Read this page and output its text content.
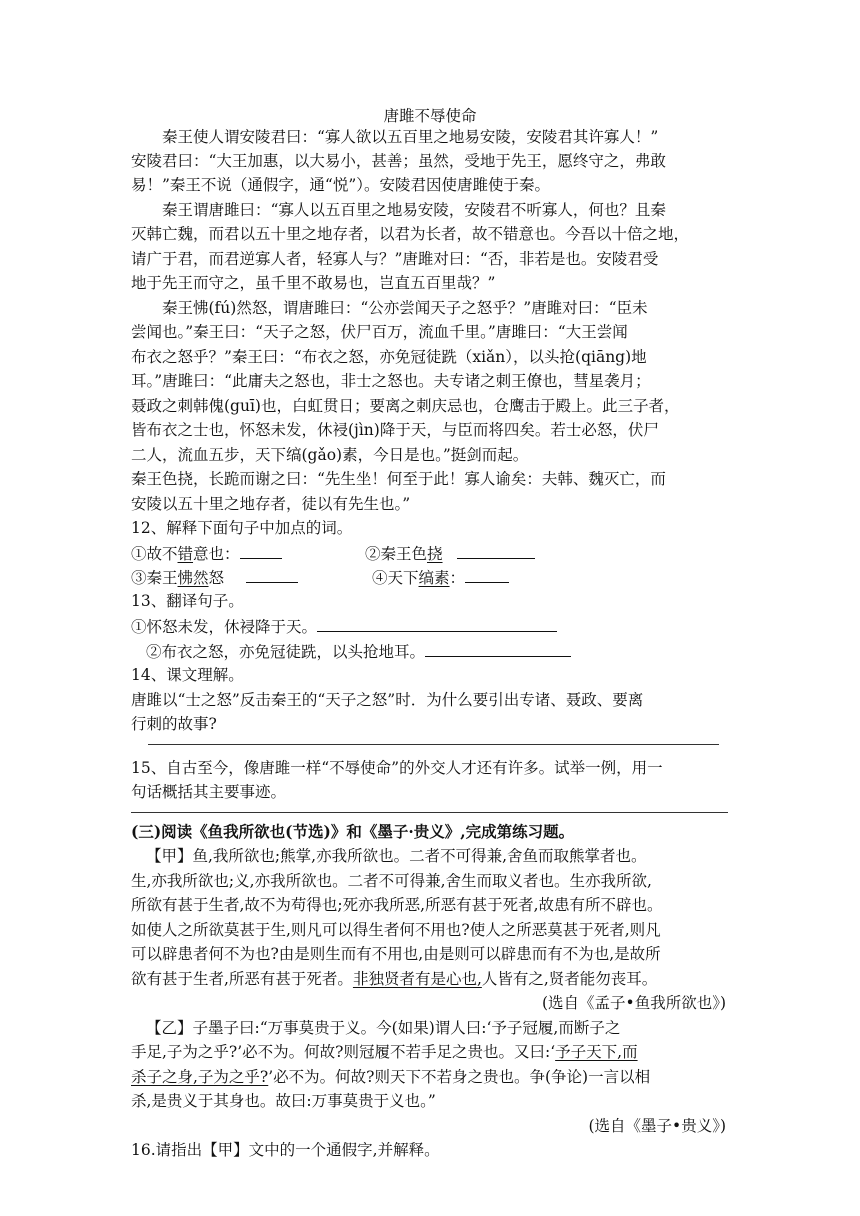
唐雎不辱使命
秦王使人谓安陵君曰：“寡人欲以五百里之地易安陵，安陵君其许寡人！”
安陵君曰：“大王加惠，以大易小，甚善；虽然，受地于先王，愿终守之，弗敢
易！”秦王不说（通假字，通“悦”）。安陵君因使唐雎使于秦。
秦王谓唐雎曰：“寡人以五百里之地易安陵，安陵君不听寡人，何也？且秦
灭韩亡魏，而君以五十里之地存者，以君为长者，故不错意也。今吾以十倍之地，
请广于君，而君逆寡人者，轻寡人与？”唐雎对曰：“否，非若是也。安陵君受
地于先王而守之，虽千里不敢易也，岂直五百里哉？”
秦王怫(fú)然怒，谓唐雎曰：“公亦尝闻天子之怒乎？”唐雎对曰：“臣未
尝闻也。”秦王曰：“天子之怒，伏尸百万，流血千里。”唐雎曰：“大王尝闻
布衣之怒乎？”秦王曰：“布衣之怒，亦免冠徒跣（xiǎn），以头抢(qiāng)地
耳。”唐雎曰：“此庸夫之怒也，非士之怒也。夫专诸之刺王僚也，彗星袭月；
聂政之刺韩傀(guī)也，白虹贯日；要离之刺庆忌也，仓鹰击于殿上。此三子者，
皆布衣之士也，怀怒未发，休祲(jìn)降于天，与臣而将四矣。若士必怒，伏尸
二人，流血五步，天下缟(gǎo)素，今日是也。”挺剑而起。
秦王色挠，长跪而谢之曰：“先生坐！何至于此！寡人谕矣：夫韩、魏灭亡，而
安陵以五十里之地存者，徒以有先生也。”
12、解释下面句子中加点的词。
①故不错意也：	②秦王色挠
③秦王怫然怒	④天下缟素：
13、翻译句子。
①怀怒未发，休祲降于天。
②布衣之怒，亦免冠徒跣，以头抢地耳。
14、课文理解。
唐雎以“士之怒”反击秦王的“天子之怒”时．为什么要引出专诸、聂政、要离
行刺的故事?
15、自古至今，像唐雎一样“不辱使命”的外交人才还有许多。试举一例，用一
句话概括其主要事迹。
(三)阅读《鱼我所欲也(节选)》和《墨子·贵义》,完成第练习题。
【甲】鱼,我所欲也;熊掌,亦我所欲也。二者不可得兼,舍鱼而取熊掌者也。
生,亦我所欲也;义,亦我所欲也。二者不可得兼,舍生而取义者也。生亦我所欲,
所欲有甚于生者,故不为苟得也;死亦我所恶,所恶有甚于死者,故患有所不辟也。
如使人之所欲莫甚于生,则凡可以得生者何不用也?使人之所恶莫甚于死者,则凡
可以辟患者何不为也?由是则生而有不用也,由是则可以辟患而有不为也,是故所
欲有甚于生者,所恶有甚于死者。非独贤者有是心也,人皆有之,贤者能勿丧耳。
(选自《孟子•鱼我所欲也》)
【乙】子墨子曰:“万事莫贵于义。今(如果)谓人曰:‘予子冠履,而断子之
手足,子为之乎?’必不为。何故?则冠履不若手足之贵也。又曰:‘予子天下,而
杀子之身,子为之乎?’必不为。何故?则天下不若身之贵也。争(争论)一言以相
杀,是贵义于其身也。故曰:万事莫贵于义也。”
(选自《墨子•贵义》)
16.请指出【甲】文中的一个通假字,并解释。
